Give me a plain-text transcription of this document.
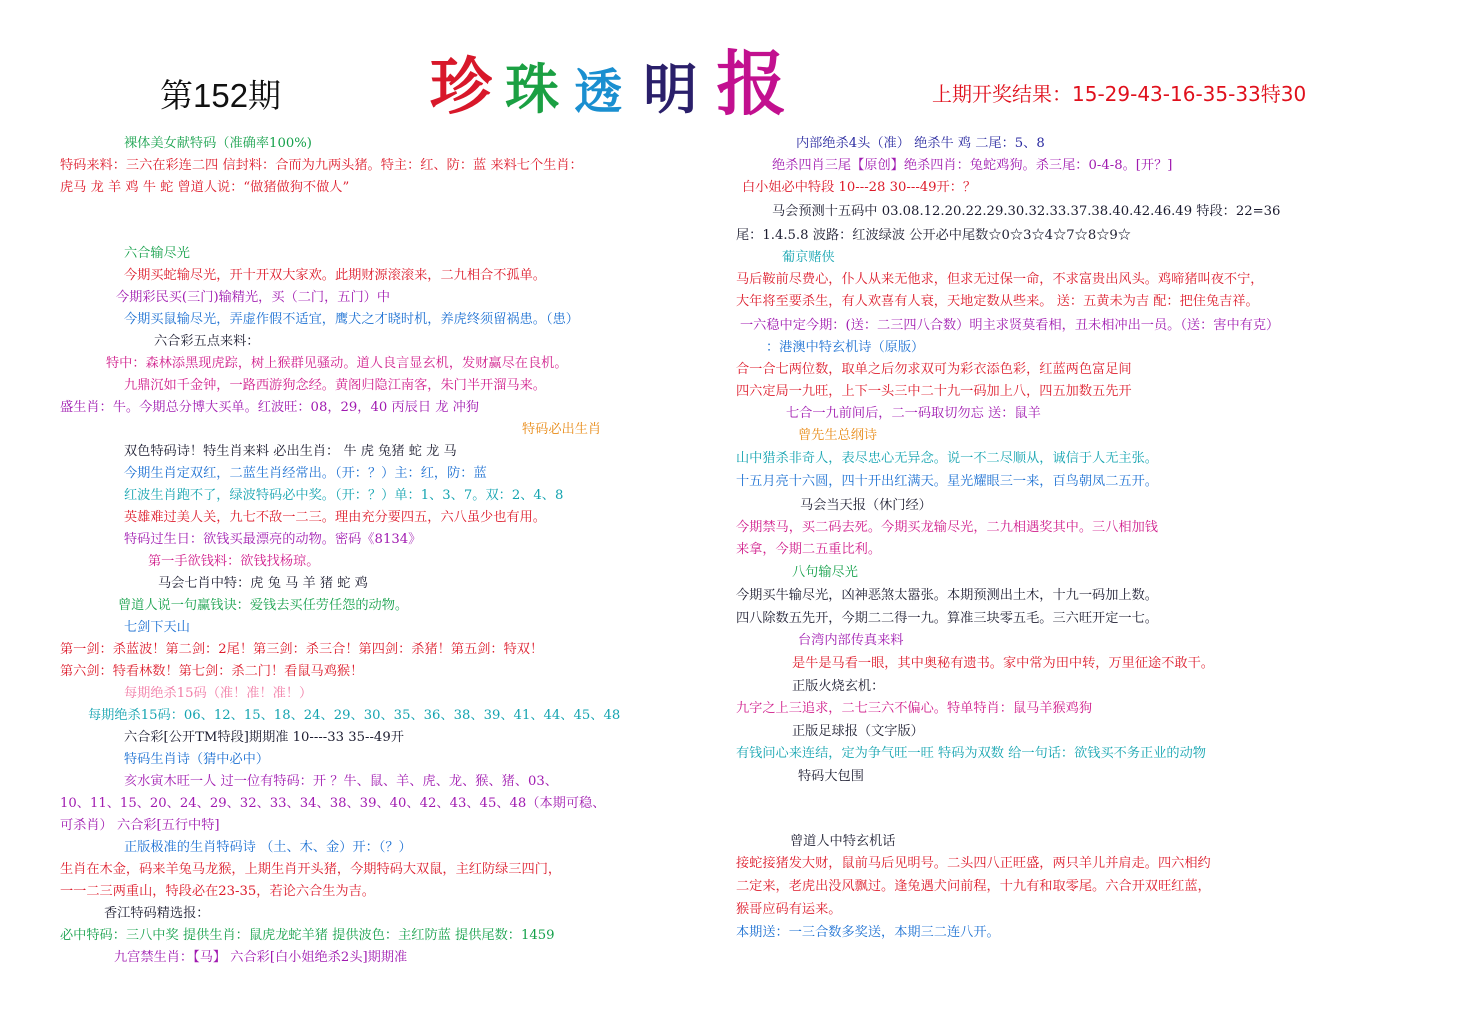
第152期 珍 珠 透 明 报	上期开奖结果：15-29-43-16-35-33特30
裸体美女献特码（准确率100%)
特码来料：三六在彩连二四 信封料：合而为九两头猪。特主：红、防：蓝 来料七个生肖：
虎马 龙 羊 鸡 牛 蛇 曾道人说：“做猪做狗不做人”
六合输尽光
今期买蛇输尽光，开十开双大家欢。此期财源滚滚来，二九相合不孤单。
今期彩民买(三门)输精光，买（二门，五门）中
今期买鼠输尽光，弄虚作假不适宜，鹰犬之才晓时机，养虎终须留祸患。（患）
六合彩五点来料：
特中：森林添黑现虎踪，树上猴群见骚动。道人良言显玄机，发财赢尽在良机。
九鼎沉如千金钟，一路西游狗念经。黄阁归隐江南客，朱门半开溜马来。
盛生肖：牛。今期总分博大买单。红波旺：08，29，40 丙辰日 龙 冲狗
特码必出生肖
双色特码诗！特生肖来料 必出生肖： 牛 虎 兔猪 蛇 龙 马
今期生肖定双红，二蓝生肖经常出。（开：？）主：红，防：蓝
红波生肖跑不了，绿波特码必中奖。（开：？）单：1、3、7。双：2、4、8
英雄难过美人关，九七不敌一二三。理由充分要四五，六八虽少也有用。
特码过生日：欲钱买最漂亮的动物。密码《8134》
第一手欲钱料：欲钱找杨琼。
马会七肖中特：虎 兔 马 羊 猪 蛇 鸡
曾道人说一句赢钱诀：爱钱去买任劳任怨的动物。
七剑下天山
第一剑：杀蓝波！第二剑：2尾！第三剑：杀三合！第四剑：杀猪！第五剑：特双！
第六剑：特看林数！第七剑：杀二门！看鼠马鸡猴！
每期绝杀15码（准！准！准！）
每期绝杀15码：06、12、15、18、24、29、30、35、36、38、39、41、44、45、48
六合彩[公开TM特段]期期准 10----33 35--49开
特码生肖诗（猜中必中）
亥水寅木旺一人 过一位有特码：开 ？牛、鼠、羊、虎、龙、猴、猪、03、
10、11、15、20、24、29、32、33、34、38、39、40、42、43、45、48（本期可稳、
可杀肖） 六合彩[五行中特]
正版极准的生肖特码诗 （土、木、金）开：（？）
生肖在木金，码来羊兔马龙猴，上期生肖开头猪，今期特码大双鼠，主红防绿三四门，
一一二三两重山，特段必在23-35，若论六合生为吉。
香江特码精选报：
必中特码：三八中奖 提供生肖：鼠虎龙蛇羊猪 提供波色：主红防蓝 提供尾数：1459
九宫禁生肖：【马】 六合彩[白小姐绝杀2头]期期准
内部绝杀4头（准） 绝杀牛 鸡 二尾：5、8
绝杀四肖三尾【原创】绝杀四肖：兔蛇鸡狗。杀三尾：0-4-8。[开？]
白小姐必中特段 10---28 30---49开：？
马会预测十五码中 03.08.12.20.22.29.30.32.33.37.38.40.42.46.49 特段：22=36
尾：1.4.5.8 波路：红波绿波 公开必中尾数☆0☆3☆4☆7☆8☆9☆
葡京赌侠
马后鞍前尽费心，仆人从来无他求，但求无过保一命，不求富贵出风头。鸡啼猪叫夜不宁，
大年将至要杀生，有人欢喜有人衰，天地定数从些来。 送：五黄未为吉 配：把住兔吉祥。
一六稳中定今期：(送：二三四八合数）明主求贤莫看相，丑未相冲出一员。（送：害中有克）
：港澳中特玄机诗（原版）
合一合七两位数，取单之后勿求双可为彩衣添色彩，红蓝两色富足间
四六定局一九旺，上下一头三中二十九一码加上八，四五加数五先开
七合一九前间后，二一码取切勿忘 送：鼠羊
曾先生总纲诗
山中猎杀非奇人，表尽忠心无异念。说一不二尽顺从，诚信于人无主张。
十五月亮十六圆，四十开出红满天。星光耀眼三一来，百鸟朝凤二五开。
马会当天报（休门经）
今期禁马，买二码去死。今期买龙输尽光，二九相遇奖其中。三八相加钱
来拿，今期二五重比利。
八句输尽光
今期买牛输尽光，凶神恶煞太嚣张。本期预测出土木，十九一码加上数。
四八除数五先开，今期二二得一九。算准三块零五毛。三六旺开定一七。
台湾内部传真来料
是牛是马看一眼，其中奥秘有遗书。家中常为田中转，万里征途不敢干。
正版火烧玄机：
九字之上三追求，二七三六不偏心。特单特肖：鼠马羊猴鸡狗
正版足球报（文字版）
有钱问心来连结，定为争气旺一旺 特码为双数 给一句话：欲钱买不务正业的动物
特码大包围
曾道人中特玄机话
接蛇接猪发大财，鼠前马后见明号。二头四八正旺盛，两只羊儿并肩走。四六相约
二定来，老虎出没风飘过。逢兔遇犬问前程，十九有和取零尾。六合开双旺红蓝，
猴哥应码有运来。
本期送：一三合数多奖送，本期三二连八开。
